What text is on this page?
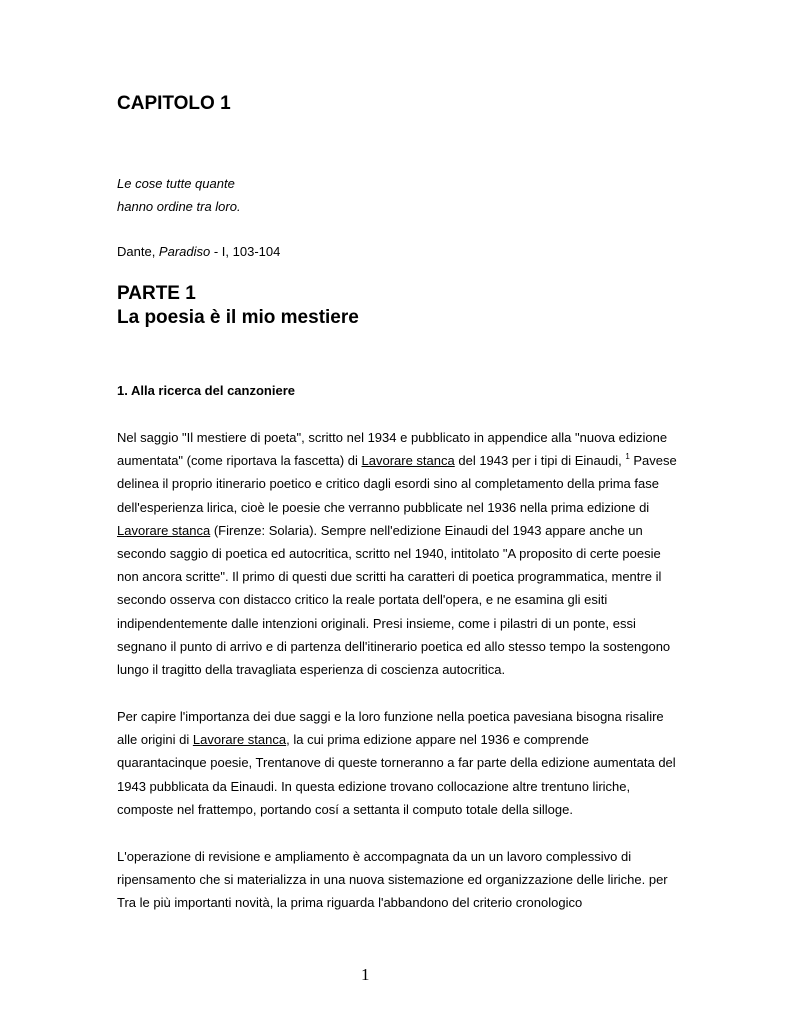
CAPITOLO 1
Le cose tutte quante
hanno ordine tra loro.
Dante, Paradiso - I, 103-104
PARTE 1
La poesia è il mio mestiere
1. Alla ricerca del canzoniere

Nel saggio "Il mestiere di poeta", scritto nel 1934 e pubblicato in appendice alla "nuova edizione
aumentata" (come riportava la fascetta) di Lavorare stanca del 1943 per i tipi di Einaudi, $^1$ Pavese
delinea il proprio itinerario poetico e critico dagli esordi sino al completamento della prima fase
dell'esperienza lirica, cioè le poesie che verranno pubblicate nel 1936 nella prima edizione di
Lavorare stanca (Firenze: Solaria). Sempre nell'edizione Einaudi del 1943 appare anche un
secondo saggio di poetica ed autocritica, scritto nel 1940, intitolato "A proposito di certe poesie
non ancora scritte". Il primo di questi due scritti ha caratteri di poetica programmatica, mentre il
secondo osserva con distacco critico la reale portata dell'opera, e ne esamina gli esiti
indipendentemente dalle intenzioni originali. Presi insieme, come i pilastri di un ponte, essi
segnano il punto di arrivo e di partenza dell'itinerario poetica ed allo stesso tempo la sostengono
lungo il tragitto della travagliata esperienza di coscienza autocritica.

Per capire l'importanza dei due saggi e la loro funzione nella poetica pavesiana bisogna risalire
alle origini di Lavorare stanca, la cui prima edizione appare nel 1936 e comprende
quarantacinque poesie, Trentanove di queste torneranno a far parte della edizione aumentata del
1943 pubblicata da Einaudi. In questa edizione trovano collocazione altre trentuno liriche,
composte nel frattempo, portando cosí a settanta il computo totale della silloge.

L'operazione di revisione e ampliamento è accompagnata da un un lavoro complessivo di
ripensamento che si materializza in una nuova sistemazione ed organizzazione delle liriche. per
Tra le più importanti novità, la prima riguarda l'abbandono del criterio cronologico

1
